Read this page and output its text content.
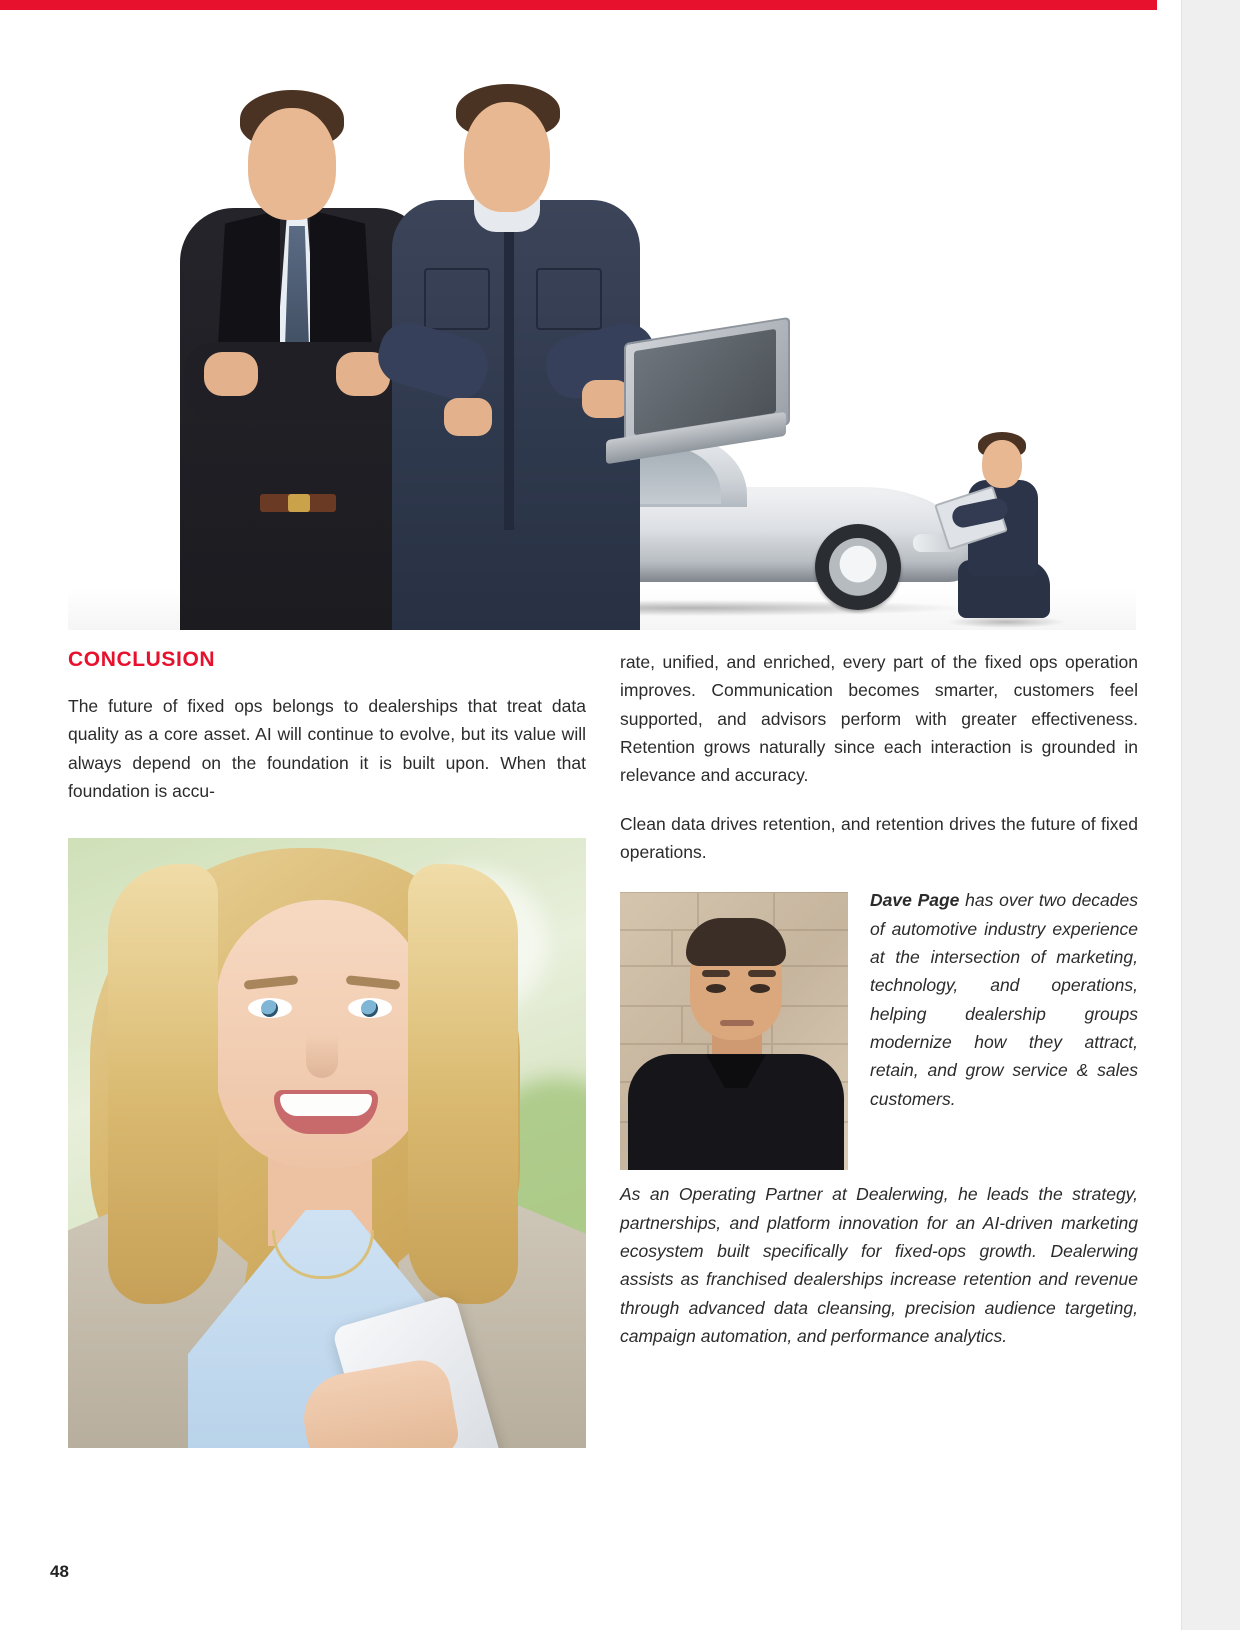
CONCLUSION

The future of fixed ops belongs to dealerships that treat data quality as a core asset. AI will continue to evolve, but its value will always depend on the foundation it is built upon. When that foundation is accu-

rate, unified, and enriched, every part of the fixed ops operation improves. Communication becomes smarter, customers feel supported, and advisors perform with greater effectiveness. Retention grows naturally since each interaction is grounded in relevance and accuracy.

Clean data drives retention, and retention drives the future of fixed operations.

Dave Page has over two decades of automotive industry experience at the intersection of marketing, technology, and operations, helping dealership groups modernize how they attract, retain, and grow service & sales customers.

As an Operating Partner at Dealerwing, he leads the strategy, partnerships, and platform innovation for an AI-driven marketing ecosystem built specifically for fixed-ops growth. Dealerwing assists as franchised dealerships increase retention and revenue through advanced data cleansing, precision audience targeting, campaign automation, and performance analytics.

48
